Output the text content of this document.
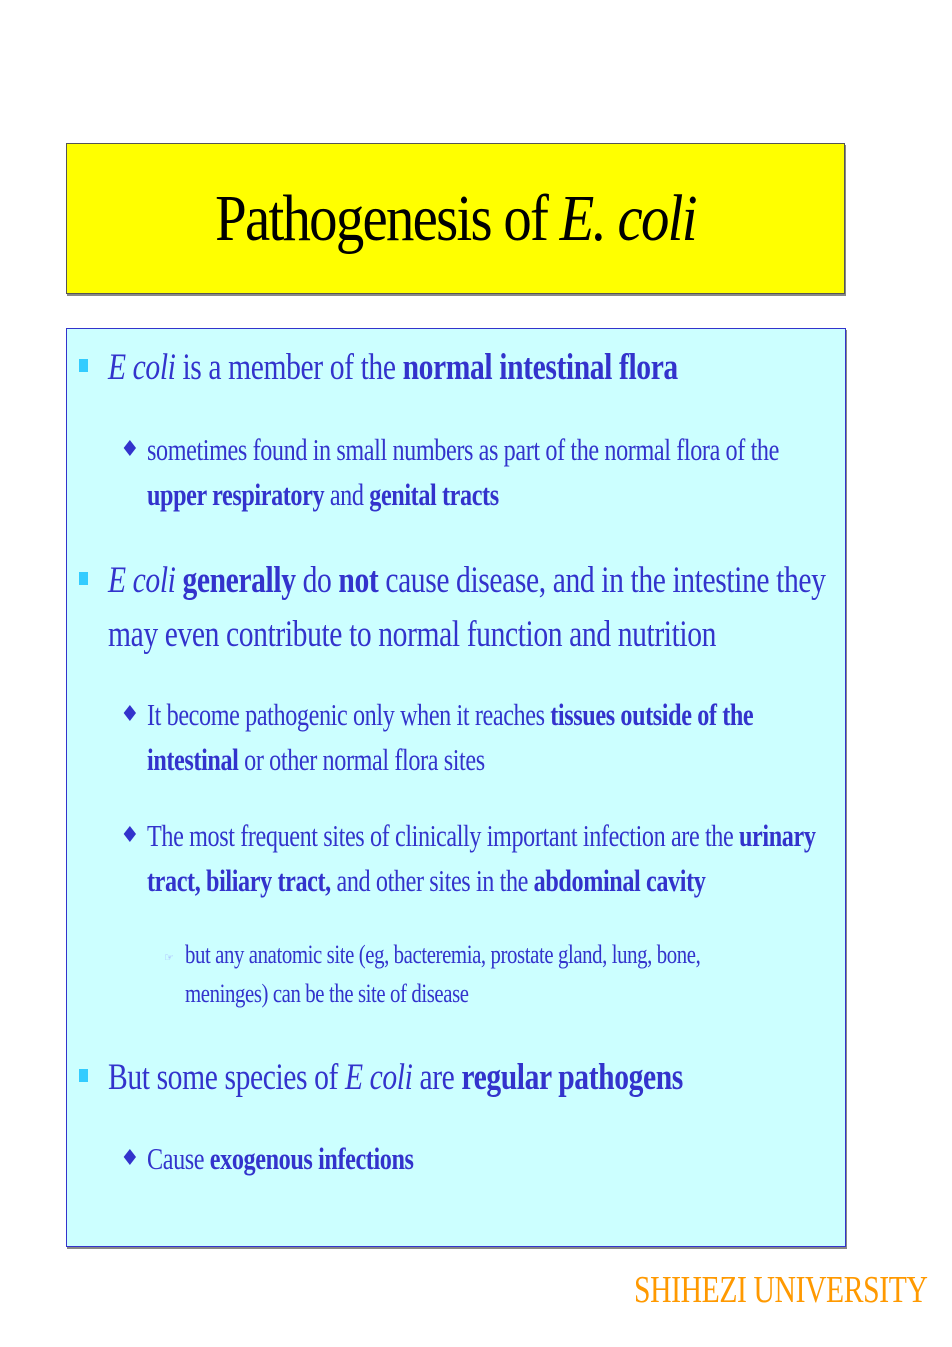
Pathogenesis of E. coli
E coli is a member of the normal intestinal flora
♦ sometimes found in small numbers as part of the normal flora of the
upper respiratory and genital tracts
E coli generally do not cause disease, and in the intestine they
may even contribute to normal function and nutrition
♦ It become pathogenic only when it reaches tissues outside of the
intestinal or other normal flora sites
♦ The most frequent sites of clinically important infection are the urinary
tract, biliary tract, and other sites in the abdominal cavity
☞ but any anatomic site (eg, bacteremia, prostate gland, lung, bone,
meninges) can be the site of disease
But some species of E coli are regular pathogens
♦ Cause exogenous infections
SHIHEZI UNIVERSITY
